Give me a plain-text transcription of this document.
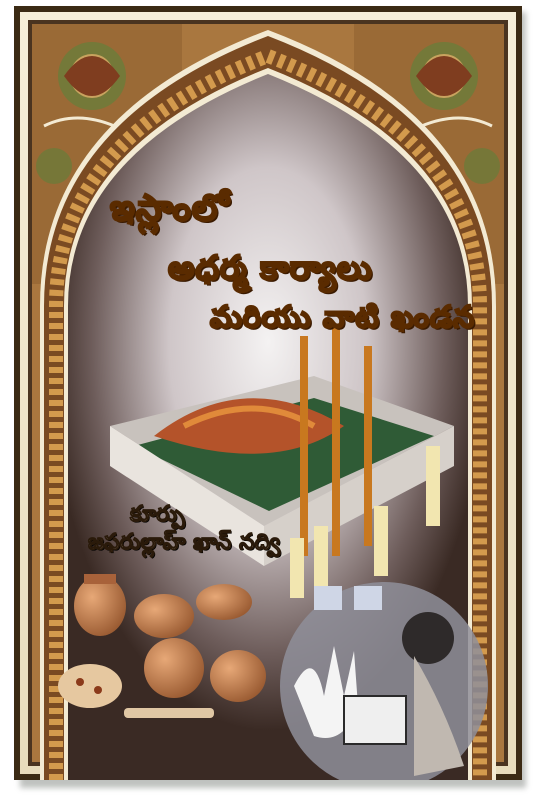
ఇస్లాంలో
అధర్మ కార్యాలు
మరియు వాటి ఖండన
కూర్పు
జఫరుల్లాహ్ ఖాన్ నద్వి
